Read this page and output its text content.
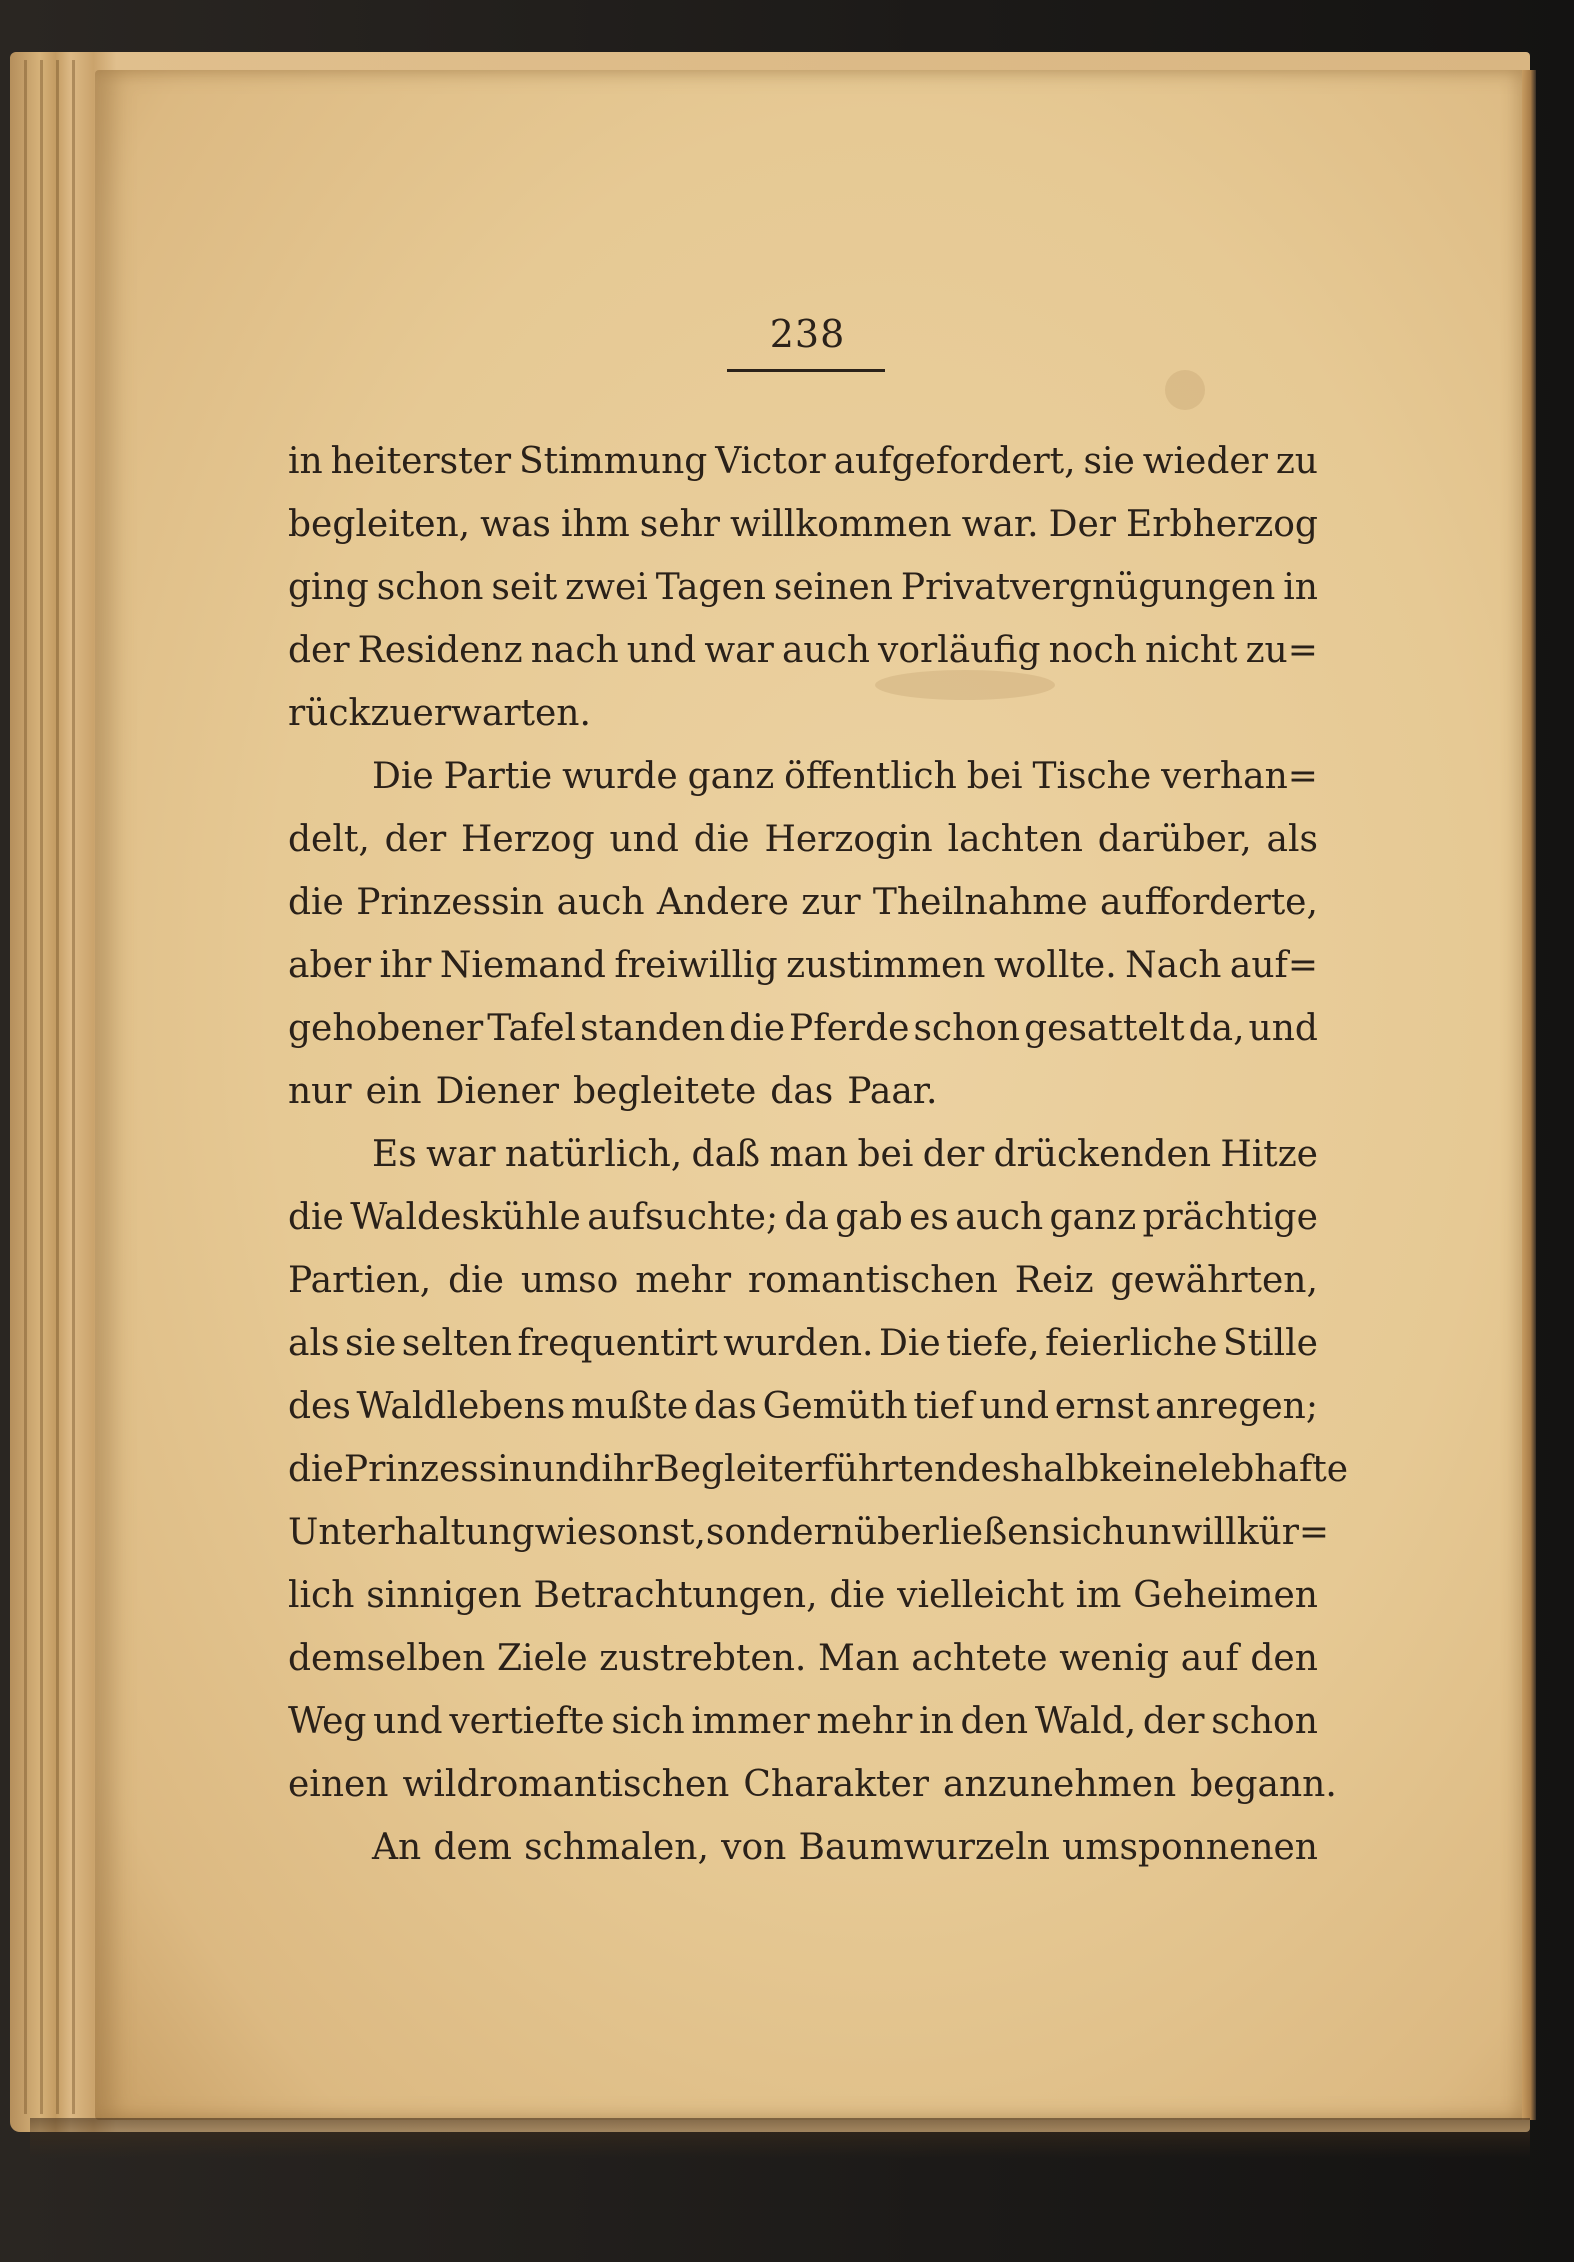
238
in heiterster Stimmung Victor aufgefordert, sie wieder zu
begleiten, was ihm sehr willkommen war. Der Erbherzog
ging schon seit zwei Tagen seinen Privatvergnügungen in
der Residenz nach und war auch vorläufig noch nicht zu=
rückzuerwarten.
Die Partie wurde ganz öffentlich bei Tische verhan=
delt, der Herzog und die Herzogin lachten darüber, als
die Prinzessin auch Andere zur Theilnahme aufforderte,
aber ihr Niemand freiwillig zustimmen wollte. Nach auf=
gehobener Tafel standen die Pferde schon gesattelt da, und
nur ein Diener begleitete das Paar.
Es war natürlich, daß man bei der drückenden Hitze
die Waldeskühle aufsuchte; da gab es auch ganz prächtige
Partien, die umso mehr romantischen Reiz gewährten,
als sie selten frequentirt wurden. Die tiefe, feierliche Stille
des Waldlebens mußte das Gemüth tief und ernst anregen;
die Prinzessin und ihr Begleiter führten deshalb keine lebhafte
Unterhaltung wie sonst, sondern überließen sich unwillkür=
lich sinnigen Betrachtungen, die vielleicht im Geheimen
demselben Ziele zustrebten. Man achtete wenig auf den
Weg und vertiefte sich immer mehr in den Wald, der schon
einen wildromantischen Charakter anzunehmen begann.
An dem schmalen, von Baumwurzeln umsponnenen
